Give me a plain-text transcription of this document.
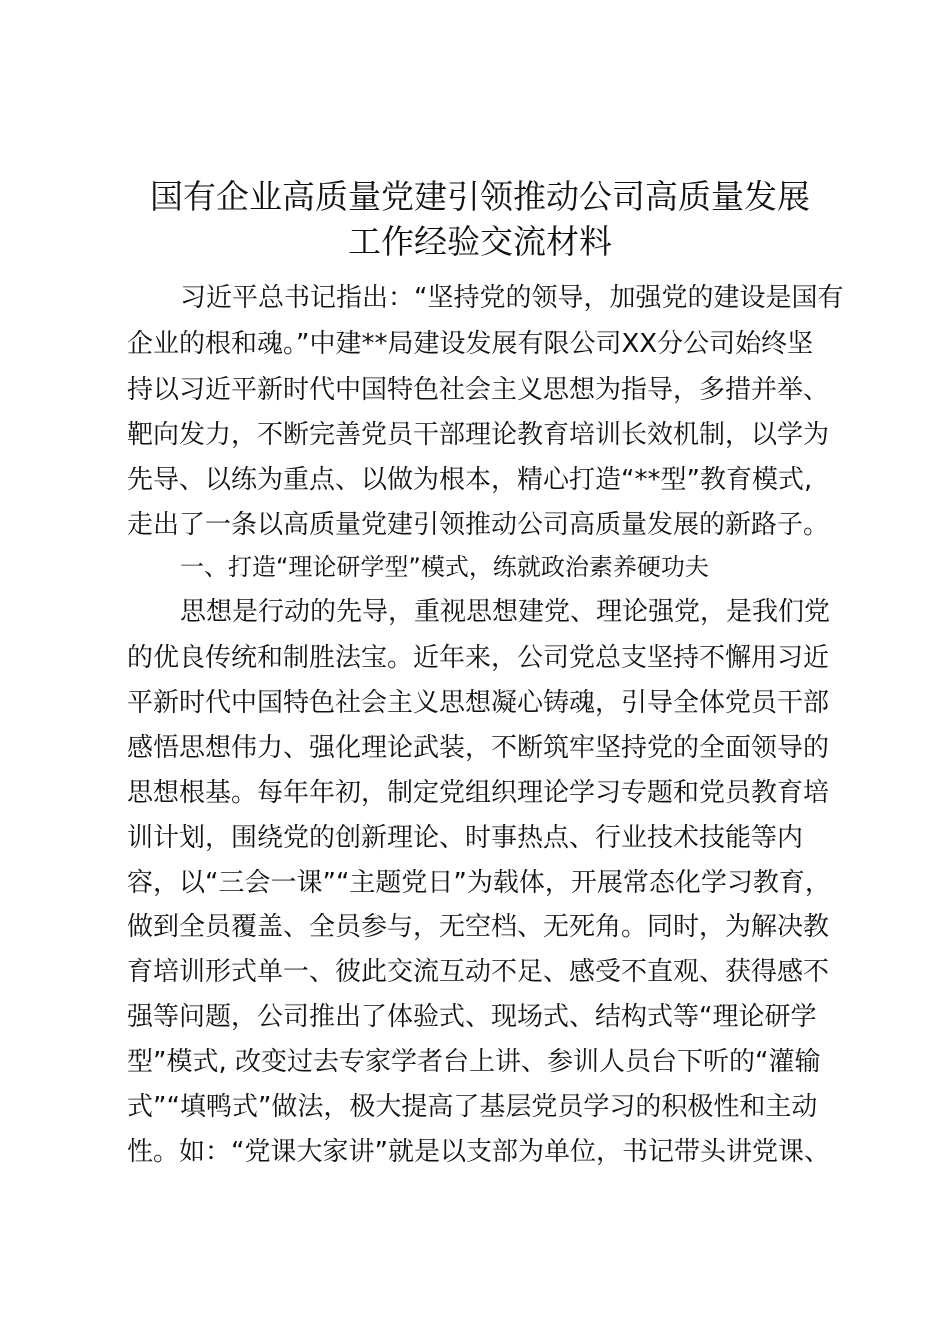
国有企业高质量党建引领推动公司高质量发展
工作经验交流材料
习近平总书记指出：“坚持党的领导，加强党的建设是国有
企业的根和魂。”中建**局建设发展有限公司XX分公司始终坚
持以习近平新时代中国特色社会主义思想为指导，多措并举、
靶向发力，不断完善党员干部理论教育培训长效机制，以学为
先导、以练为重点、以做为根本，精心打造“**型”教育模式,
走出了一条以高质量党建引领推动公司高质量发展的新路子。
一、打造“理论研学型”模式，练就政治素养硬功夫
思想是行动的先导，重视思想建党、理论强党，是我们党
的优良传统和制胜法宝。近年来，公司党总支坚持不懈用习近
平新时代中国特色社会主义思想凝心铸魂，引导全体党员干部
感悟思想伟力、强化理论武装，不断筑牢坚持党的全面领导的
思想根基。每年年初，制定党组织理论学习专题和党员教育培
训计划，围绕党的创新理论、时事热点、行业技术技能等内
容，以“三会一课”“主题党日”为载体，开展常态化学习教育，
做到全员覆盖、全员参与，无空档、无死角。同时，为解决教
育培训形式单一、彼此交流互动不足、感受不直观、获得感不
强等问题，公司推出了体验式、现场式、结构式等“理论研学
型”模式, 改变过去专家学者台上讲、参训人员台下听的“灌输
式”“填鸭式”做法，极大提高了基层党员学习的积极性和主动
性。如：“党课大家讲”就是以支部为单位，书记带头讲党课、
